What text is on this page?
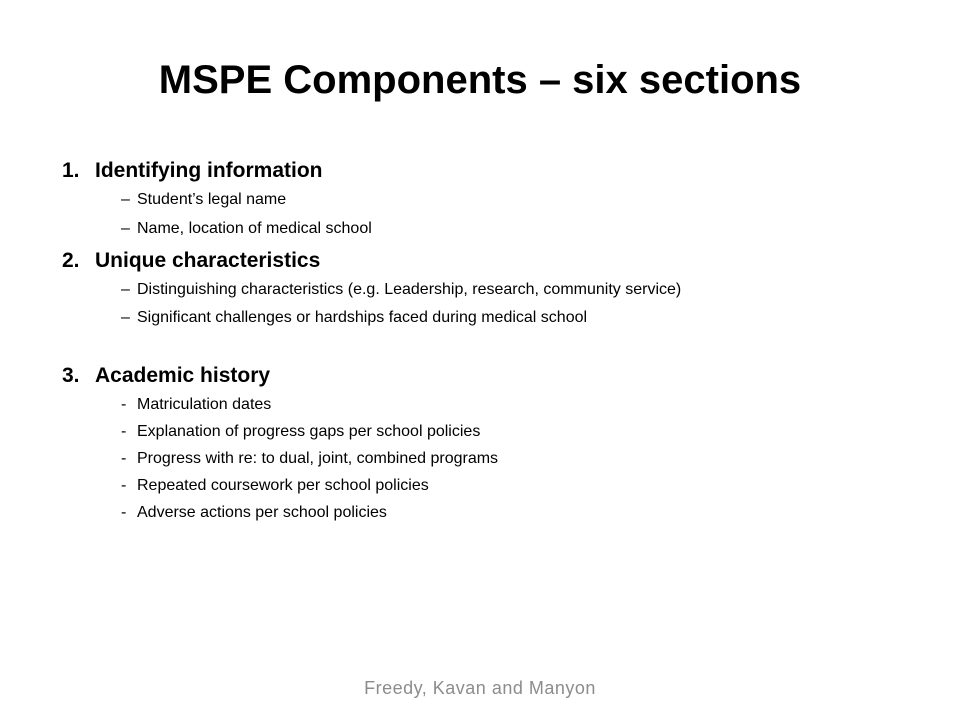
MSPE Components – six sections
1. Identifying information
– Student’s legal name
– Name, location of medical school
2. Unique characteristics
– Distinguishing characteristics (e.g. Leadership, research, community service)
– Significant challenges or hardships faced during medical school
3. Academic history
- Matriculation dates
- Explanation of progress gaps per school policies
- Progress with re: to dual, joint, combined programs
- Repeated coursework per school policies
- Adverse actions per school policies
Freedy, Kavan and Manyon
